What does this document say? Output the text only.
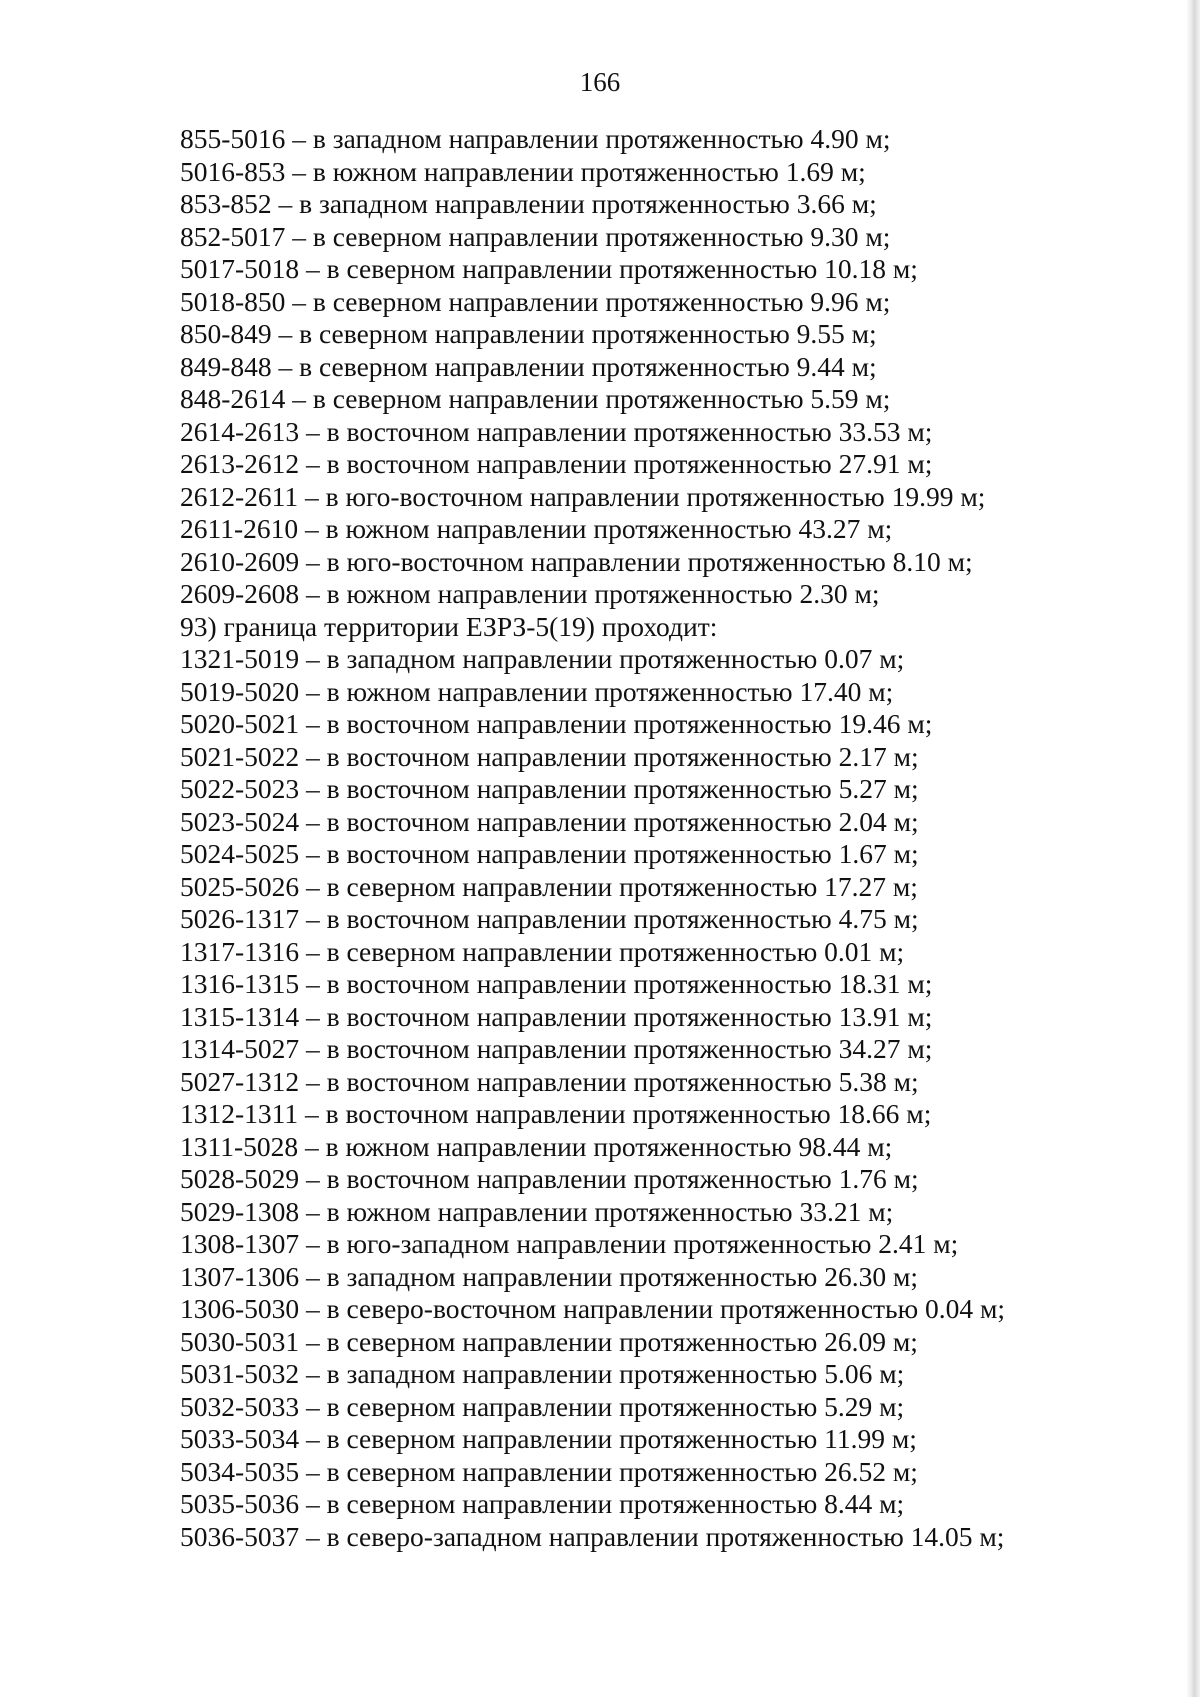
166
855-5016 – в западном направлении протяженностью 4.90 м;
5016-853 – в южном направлении протяженностью 1.69 м;
853-852 – в западном направлении протяженностью 3.66 м;
852-5017 – в северном направлении протяженностью 9.30 м;
5017-5018 – в северном направлении протяженностью 10.18 м;
5018-850 – в северном направлении протяженностью 9.96 м;
850-849 – в северном направлении протяженностью 9.55 м;
849-848 – в северном направлении протяженностью 9.44 м;
848-2614 – в северном направлении протяженностью 5.59 м;
2614-2613 – в восточном направлении протяженностью 33.53 м;
2613-2612 – в восточном направлении протяженностью 27.91 м;
2612-2611 – в юго-восточном направлении протяженностью 19.99 м;
2611-2610 – в южном направлении протяженностью 43.27 м;
2610-2609 – в юго-восточном направлении протяженностью 8.10 м;
2609-2608 – в южном направлении протяженностью 2.30 м;
93) граница территории ЕЗРЗ-5(19) проходит:
1321-5019 – в западном направлении протяженностью 0.07 м;
5019-5020 – в южном направлении протяженностью 17.40 м;
5020-5021 – в восточном направлении протяженностью 19.46 м;
5021-5022 – в восточном направлении протяженностью 2.17 м;
5022-5023 – в восточном направлении протяженностью 5.27 м;
5023-5024 – в восточном направлении протяженностью 2.04 м;
5024-5025 – в восточном направлении протяженностью 1.67 м;
5025-5026 – в северном направлении протяженностью 17.27 м;
5026-1317 – в восточном направлении протяженностью 4.75 м;
1317-1316 – в северном направлении протяженностью 0.01 м;
1316-1315 – в восточном направлении протяженностью 18.31 м;
1315-1314 – в восточном направлении протяженностью 13.91 м;
1314-5027 – в восточном направлении протяженностью 34.27 м;
5027-1312 – в восточном направлении протяженностью 5.38 м;
1312-1311 – в восточном направлении протяженностью 18.66 м;
1311-5028 – в южном направлении протяженностью 98.44 м;
5028-5029 – в восточном направлении протяженностью 1.76 м;
5029-1308 – в южном направлении протяженностью 33.21 м;
1308-1307 – в юго-западном направлении протяженностью 2.41 м;
1307-1306 – в западном направлении протяженностью 26.30 м;
1306-5030 – в северо-восточном направлении протяженностью 0.04 м;
5030-5031 – в северном направлении протяженностью 26.09 м;
5031-5032 – в западном направлении протяженностью 5.06 м;
5032-5033 – в северном направлении протяженностью 5.29 м;
5033-5034 – в северном направлении протяженностью 11.99 м;
5034-5035 – в северном направлении протяженностью 26.52 м;
5035-5036 – в северном направлении протяженностью 8.44 м;
5036-5037 – в северо-западном направлении протяженностью 14.05 м;
